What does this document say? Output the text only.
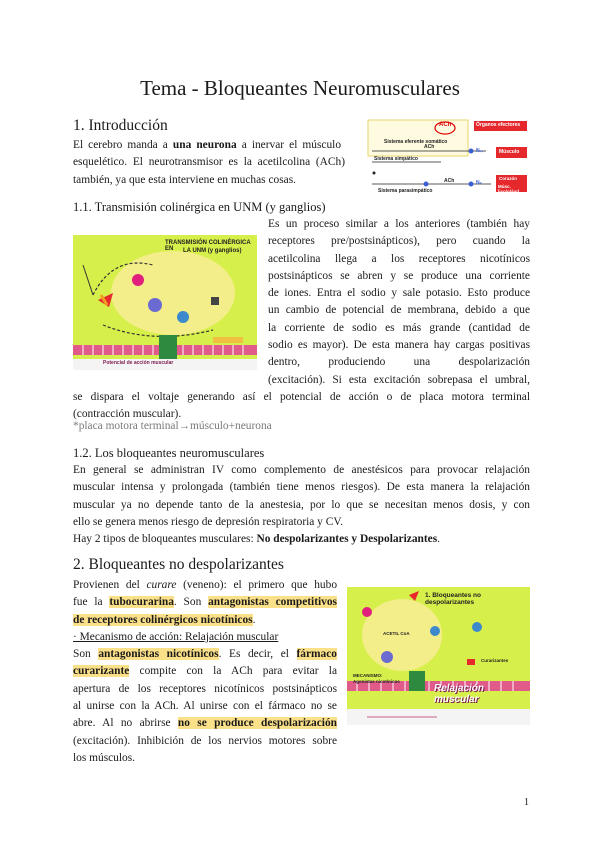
Tema - Bloqueantes Neuromusculares
1. Introducción
El cerebro manda a una neurona a inervar el músculo
esquelético. El neurotransmisor es la acetilcolina (ACh)
también, ya que esta interviene en muchas cosas.
ACh	Órganos efectores
Sistema eferente somático
ACh
Nₘ	Músculo
Sistema simpático
ACh	Nₙ
Corazón
Músc. liso/glánd.
Sistema parasimpático
1.1. Transmisión colinérgica en UNM (y ganglios)
TRANSMISIÓN COLINÉRGICA EN	LA UNM (y ganglios)
Potencial de acción muscular
Es un proceso similar a los anteriores (también hay
receptores pre/postsinápticos), pero cuando la
acetilcolina llega a los receptores nicotínicos
postsinápticos se abren y se produce una corriente
de iones. Entra el sodio y sale potasio. Esto produce
un cambio de potencial de membrana, debido a que
la corriente de sodio es más grande (cantidad de
sodio es mayor). De esta manera hay cargas positivas
dentro, produciendo una despolarización
(excitación). Si esta excitación sobrepasa el umbral,
se dispara el voltaje generando así el potencial de acción o de placa motora terminal
(contracción muscular).
*placa motora terminal→músculo+neurona
1.2. Los bloqueantes neuromusculares
En general se administran IV como complemento de anestésicos para provocar relajación
muscular intensa y prolongada (también tiene menos riesgos). De esta manera la relajación
muscular ya no depende tanto de la anestesia, por lo que se necesitan menos dosis, y con
ello se genera menos riesgo de depresión respiratoria y CV.
Hay 2 tipos de bloqueantes musculares: No despolarizantes y Despolarizantes.
2. Bloqueantes no despolarizantes
Provienen del curare (veneno): el primero que hubo
fue la tubocurarina. Son antagonistas competitivos
de receptores colinérgicos nicotínicos.
· Mecanismo de acción: Relajación muscular
Son antagonistas nicotínicos. Es decir, el fármaco
curarizante compite con la ACh para evitar la
apertura de los receptores nicotínicos postsinápticos
al unirse con la ACh. Al unirse con el fármaco no se
abre. Al no abrirse no se produce despolarización
(excitación). Inhibición de los nervios motores sobre
los músculos.
1. Bloqueantes no despolarizantes
ACETIL CoA
Curarizantes
MECANISMO:
Agonistas nicotínicos
Relajación muscular
1
